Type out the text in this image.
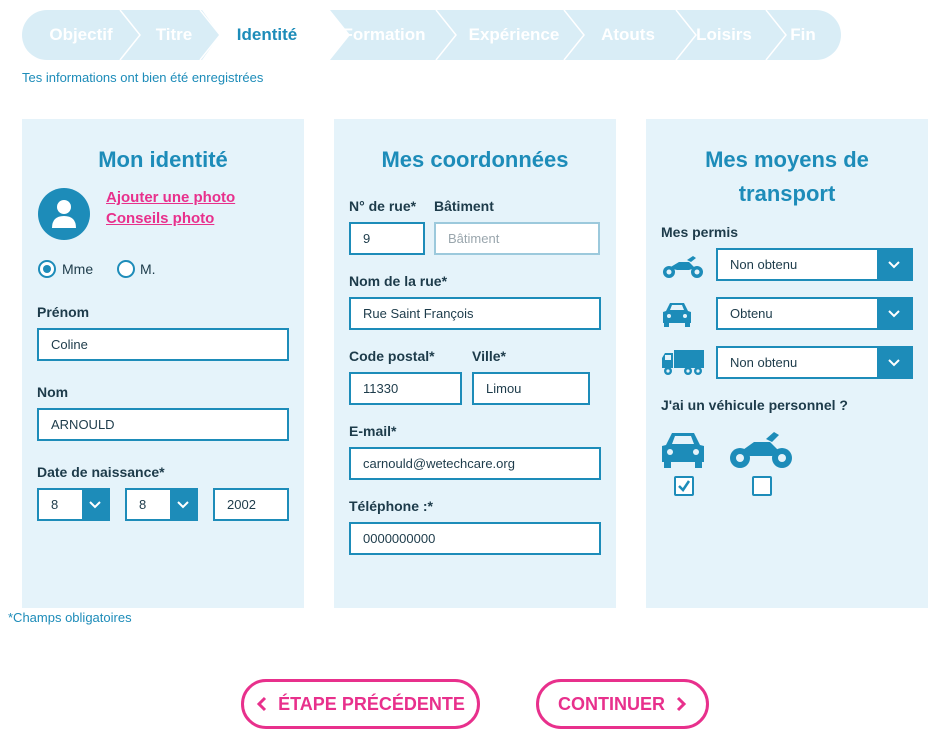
Objectif	Titre	Identité	Formation	Expérience	Atouts	Loisirs	Fin
Tes informations ont bien été enregistrées
Mon identité
Ajouter une photo
Conseils photo
Mme	M.
Prénom
Coline
Nom
ARNOULD
Date de naissance*
8	8
2002
Mes coordonnées
N° de rue* Bâtiment
9
Bâtiment
Nom de la rue*
Rue Saint François
Code postal*	Ville*
11330
Limou
E-mail*
carnould@wetechcare.org
Téléphone :*
0000000000
Mes moyens de
transport
Mes permis
Non obtenu
Obtenu
Non obtenu
J'ai un véhicule personnel ?
*Champs obligatoires
ÉTAPE PRÉCÉDENTE	CONTINUER
